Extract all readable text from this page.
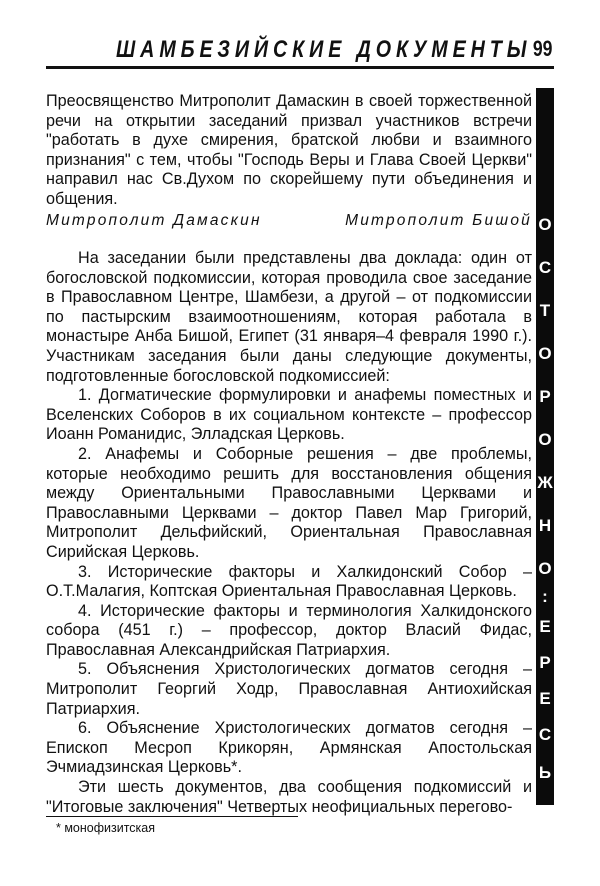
ШАМБЕЗИЙСКИЕ ДОКУМЕНТЫ 99
О
С
Т
О
Р
О
Ж
Н
О
:
Е
Р
Е
С
Ь

Преосвященство Митрополит Дамаскин в своей торжественной речи на открытии заседаний призвал участников встречи "работать в духе смирения, братской любви и взаимного признания" с тем, чтобы "Господь Веры и Глава Своей Церкви" направил нас Св.Духом по скорейшему пути объединения и общения.

Митрополит Дамаскин	Митрополит Бишой

На заседании были представлены два доклада: один от богословской подкомиссии, которая проводила свое заседание в Православном Центре, Шамбези, а другой – от подкомиссии по пастырским взаимоотношениям, которая работала в монастыре Анба Бишой, Египет (31 января–4 февраля 1990 г.). Участникам заседания были даны следующие документы, подготовленные богословской подкомиссией:

1. Догматические формулировки и анафемы поместных и Вселенских Соборов в их социальном контексте – профессор Иоанн Романидис, Элладская Церковь.

2. Анафемы и Соборные решения – две проблемы, которые необходимо решить для восстановления общения между Ориентальными Православными Церквами и Православными Церквами – доктор Павел Мар Григорий, Митрополит Дельфийский, Ориентальная Православная Сирийская Церковь.

3. Исторические факторы и Халкидонский Собор – О.Т.Малагия, Коптская Ориентальная Православная Церковь.

4. Исторические факторы и терминология Халкидонского собора (451 г.) – профессор, доктор Власий Фидас, Православная Александрийская Патриархия.

5. Объяснения Христологических догматов сегодня – Митрополит Георгий Ходр, Православная Антиохийская Патриархия.

6. Объяснение Христологических догматов сегодня – Епископ Месроп Крикорян, Армянская Апостольская Эчмиадзинская Церковь*.

Эти шесть документов, два сообщения подкомиссий и "Итоговые заключения" Четвертых неофициальных перегово-

* монофизитская
